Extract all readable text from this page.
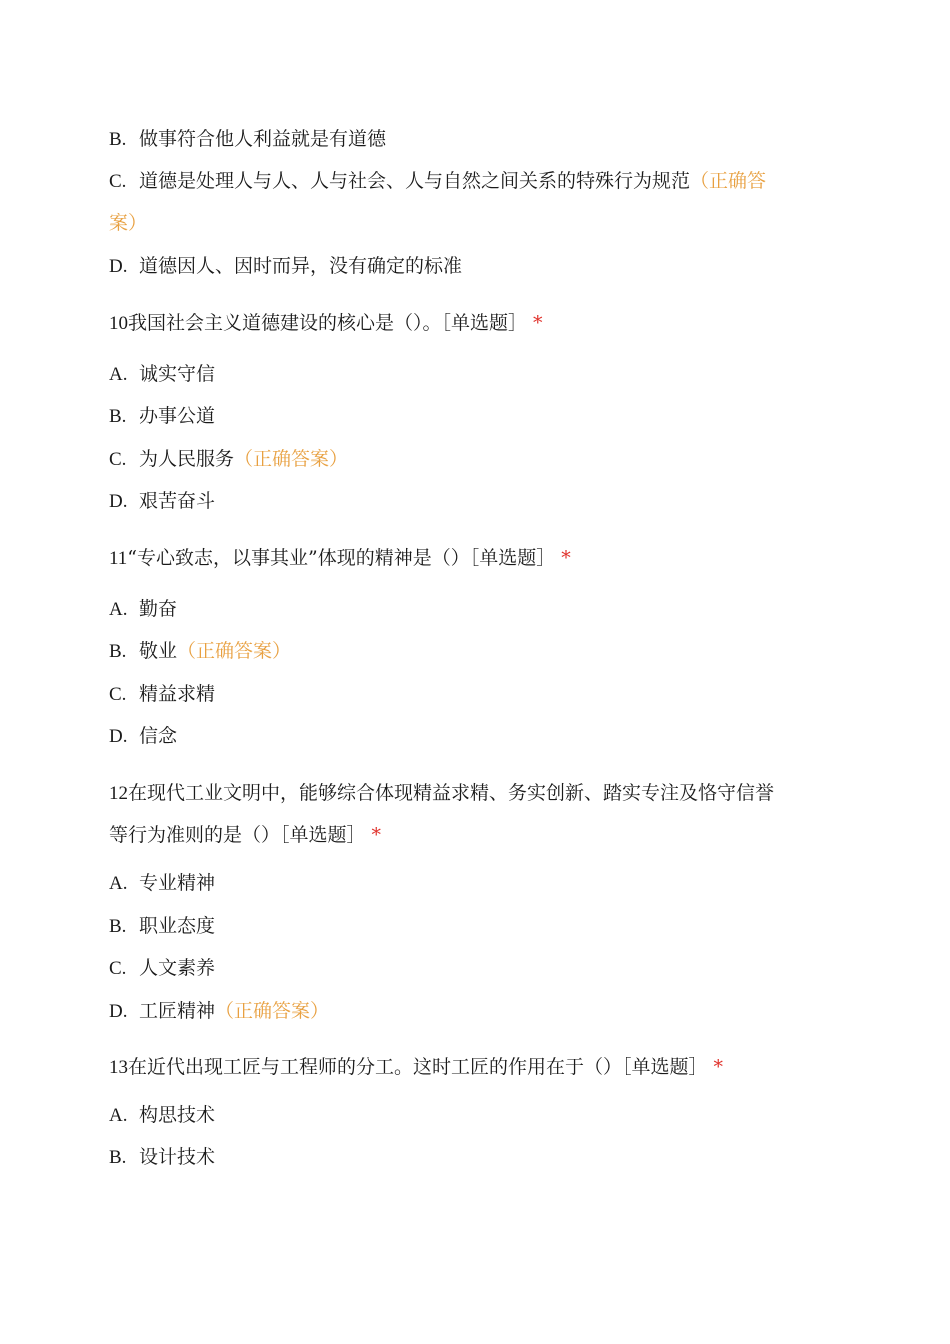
B. 做事符合他人利益就是有道德
C. 道德是处理人与人、人与社会、人与自然之间关系的特殊行为规范（正确答
案）
D. 道德因人、因时而异，没有确定的标准
10我国社会主义道德建设的核心是（）。［单选题］ *
A. 诚实守信
B. 办事公道
C. 为人民服务（正确答案）
D. 艰苦奋斗
11“专心致志，以事其业”体现的精神是（）［单选题］ *
A. 勤奋
B. 敬业（正确答案）
C. 精益求精
D. 信念
12在现代工业文明中，能够综合体现精益求精、务实创新、踏实专注及恪守信誉
等行为准则的是（）［单选题］ *
A. 专业精神
B. 职业态度
C. 人文素养
D. 工匠精神（正确答案）
13在近代出现工匠与工程师的分工。这时工匠的作用在于（）［单选题］ *
A. 构思技术
B. 设计技术
